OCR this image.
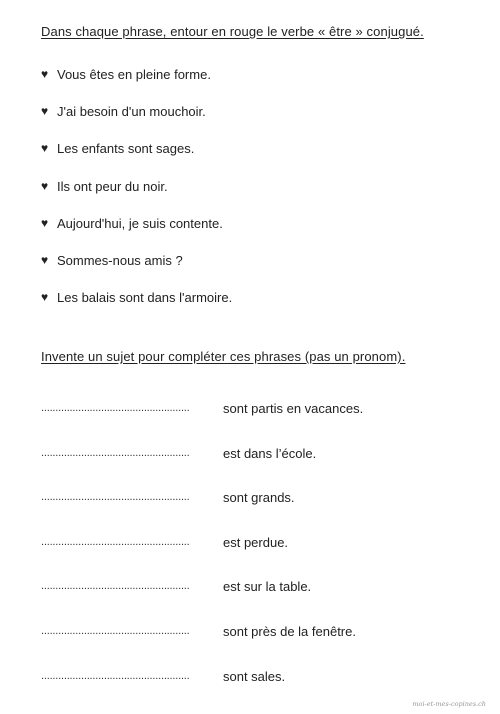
Dans chaque phrase, entour en rouge le verbe « être » conjugué.
♥ Vous êtes en pleine forme.
♥ J'ai besoin d'un mouchoir.
♥ Les enfants sont sages.
♥ Ils ont peur du noir.
♥ Aujourd'hui, je suis contente.
♥ Sommes-nous amis ?
♥ Les balais sont dans l'armoire.
Invente un sujet pour compléter ces phrases (pas un pronom).
....................................................	sont partis en vacances.
....................................................	est dans l’école.
....................................................	sont grands.
....................................................	est perdue.
....................................................	est sur la table.
....................................................	sont près de la fenêtre.
....................................................	sont sales.
moi-et-mes-copines.ch
